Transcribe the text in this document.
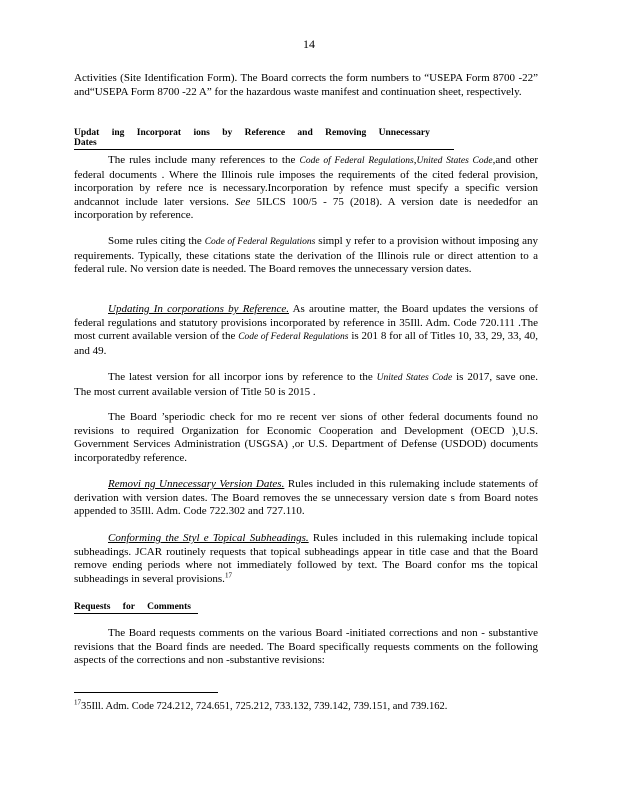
14
Activities (Site Identification Form). The Board corrects the form numbers to “USEPA Form 8700 -22” and“USEPA Form 8700 -22 A” for the hazardous waste manifest and continuation sheet, respectively.
Updat ing Incorporat ions by Reference and Removing Unnecessary Dates
The rules include many references to the Code of Federal Regulations,United States Code,and other federal documents . Where the Illinois rule imposes the requirements of the cited federal provision, incorporation by refere nce is necessary.Incorporation by refence must specify a specific version andcannot include later versions. See 5ILCS 100/5 - 75 (2018). A version date is neededfor an incorporation by reference.
Some rules citing the Code of Federal Regulations simpl y refer to a provision without imposing any requirements. Typically, these citations state the derivation of the Illinois rule or direct attention to a federal rule. No version date is needed. The Board removes the unnecessary version dates.
Updating In corporations by Reference. As aroutine matter, the Board updates the versions of federal regulations and statutory provisions incorporated by reference in 35Ill. Adm. Code 720.111 .The most current available version of the Code of Federal Regulations is 201 8 for all of Titles 10, 33, 29, 33, 40, and 49.
The latest version for all incorpor ions by reference to the United States Code is 2017, save one. The most current available version of Title 50 is 2015 .
The Board ’speriodic check for mo re recent ver sions of other federal documents found no revisions to required Organization for Economic Cooperation and Development (OECD ),U.S. Government Services Administration (USGSA) ,or U.S. Department of Defense (USDOD) documents incorporatedby reference.
Removi ng Unnecessary Version Dates. Rules included in this rulemaking include statements of derivation with version dates. The Board removes the se unnecessary version date s from Board notes appended to 35Ill. Adm. Code 722.302 and 727.110.
Conforming the Styl e Topical Subheadings. Rules included in this rulemaking include topical subheadings. JCAR routinely requests that topical subheadings appear in title case and that the Board remove ending periods where not immediately followed by text. The Board confor ms the topical subheadings in several provisions.$^{17}$
Requests for Comments
The Board requests comments on the various Board -initiated corrections and non - substantive revisions that the Board finds are needed. The Board specifically requests comments on the following aspects of the corrections and non -substantive revisions:
$^{17}$35Ill. Adm. Code 724.212, 724.651, 725.212, 733.132, 739.142, 739.151, and 739.162.
